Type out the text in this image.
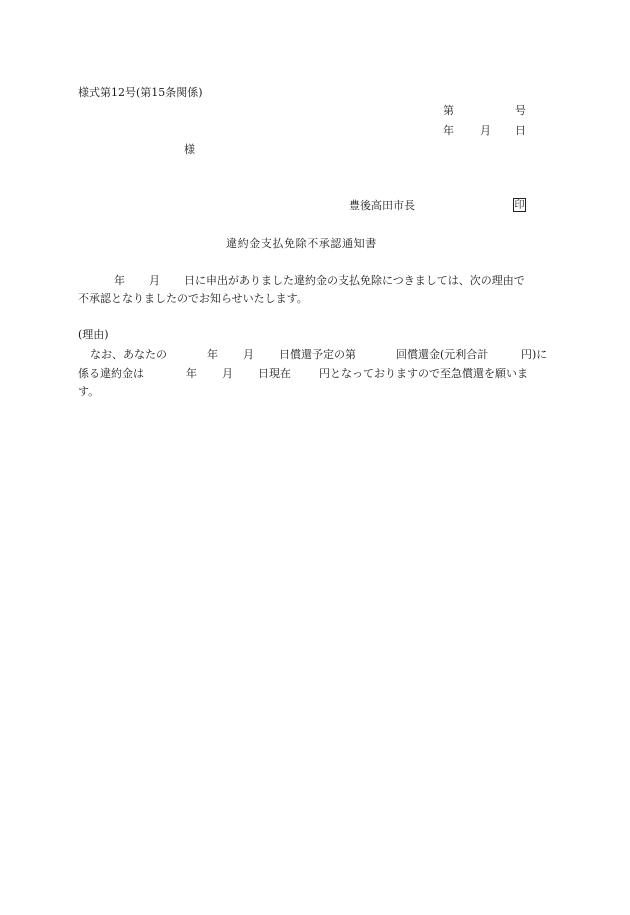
様式第12号(第15条関係)
第	号
年 月 日
様
豊後高田市長	印
違約金支払免除不承認通知書
年 月 日に申出がありました違約金の支払免除につきましては、次の理由で
不承認となりましたのでお知らせいたします。
(理由)
なお、あなたの	年 月 日償還予定の第	回償還金(元利合計	円)に
係る違約金は	年 月 日現在	円となっておりますので至急償還を願いま
す。
